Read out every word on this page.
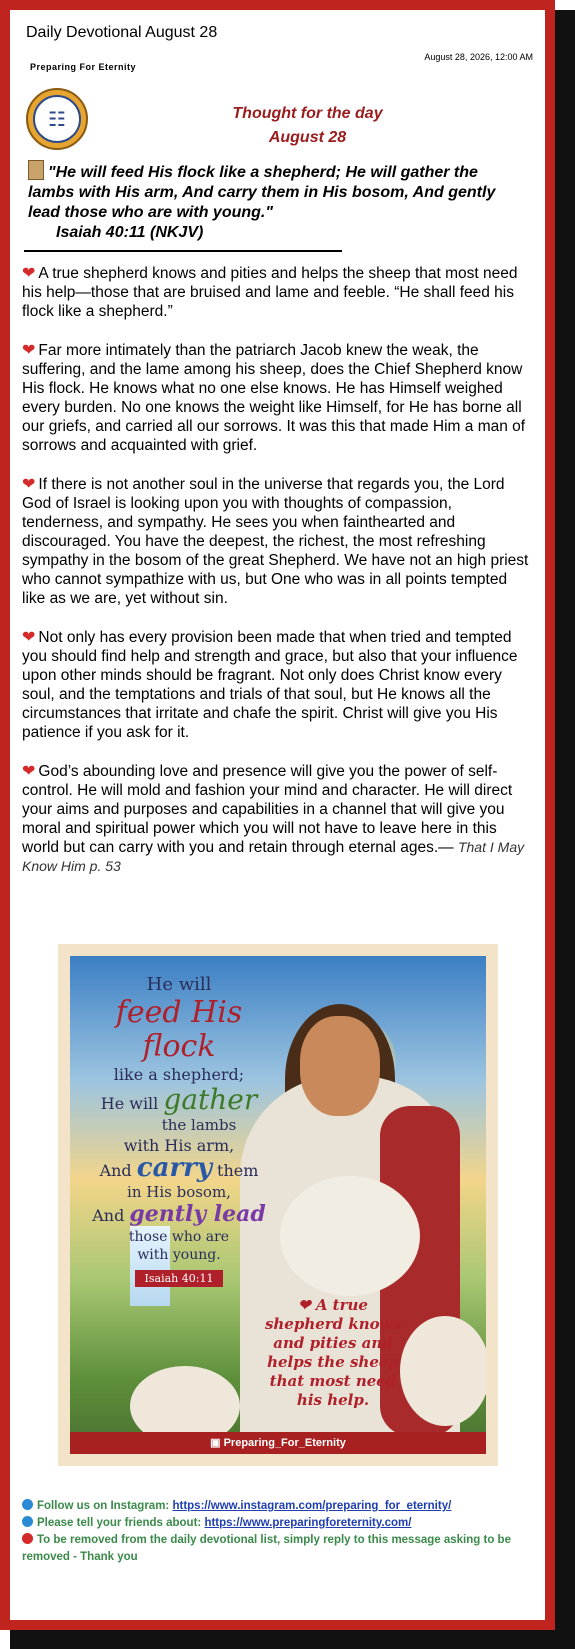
Daily Devotional August 28
August 28, 2026, 12:00 AM
Preparing For Eternity
☷	Thought for the day
August 28
"He will feed His flock like a shepherd; He will gather the lambs with His arm, And carry them in His bosom, And gently lead those who are with young."
Isaiah 40:11 (NKJV)

❤ A true shepherd knows and pities and helps the sheep that most need his help—those that are bruised and lame and feeble. “He shall feed his flock like a shepherd.”

❤ Far more intimately than the patriarch Jacob knew the weak, the suffering, and the lame among his sheep, does the Chief Shepherd know His flock. He knows what no one else knows. He has Himself weighed every burden. No one knows the weight like Himself, for He has borne all our griefs, and carried all our sorrows. It was this that made Him a man of sorrows and acquainted with grief.

❤ If there is not another soul in the universe that regards you, the Lord God of Israel is looking upon you with thoughts of compassion, tenderness, and sympathy. He sees you when fainthearted and discouraged. You have the deepest, the richest, the most refreshing sympathy in the bosom of the great Shepherd. We have not an high priest who cannot sympathize with us, but One who was in all points tempted like as we are, yet without sin.

❤ Not only has every provision been made that when tried and tempted you should find help and strength and grace, but also that your influence upon other minds should be fragrant. Not only does Christ know every soul, and the temptations and trials of that soul, but He knows all the circumstances that irritate and chafe the spirit. Christ will give you His patience if you ask for it.

❤ God’s abounding love and presence will give you the power of self-control. He will mold and fashion your mind and character. He will direct your aims and purposes and capabilities in a channel that will give you moral and spiritual power which you will not have to leave here in this world but can carry with you and retain through eternal ages.— That I May Know Him p. 53

He will
feed His flock
like a shepherd;
He will gather
the lambs
with His arm,
And carry them
in His bosom,
And gently lead
those who are
with young.
Isaiah 40:11
❤ A true shepherd knows and pities and helps the sheep that most need his help.
▣ Preparing_For_Eternity
Follow us on Instagram: https://www.instagram.com/preparing_for_eternity/
Please tell your friends about: https://www.preparingforeternity.com/
To be removed from the daily devotional list, simply reply to this message asking to be removed - Thank you
